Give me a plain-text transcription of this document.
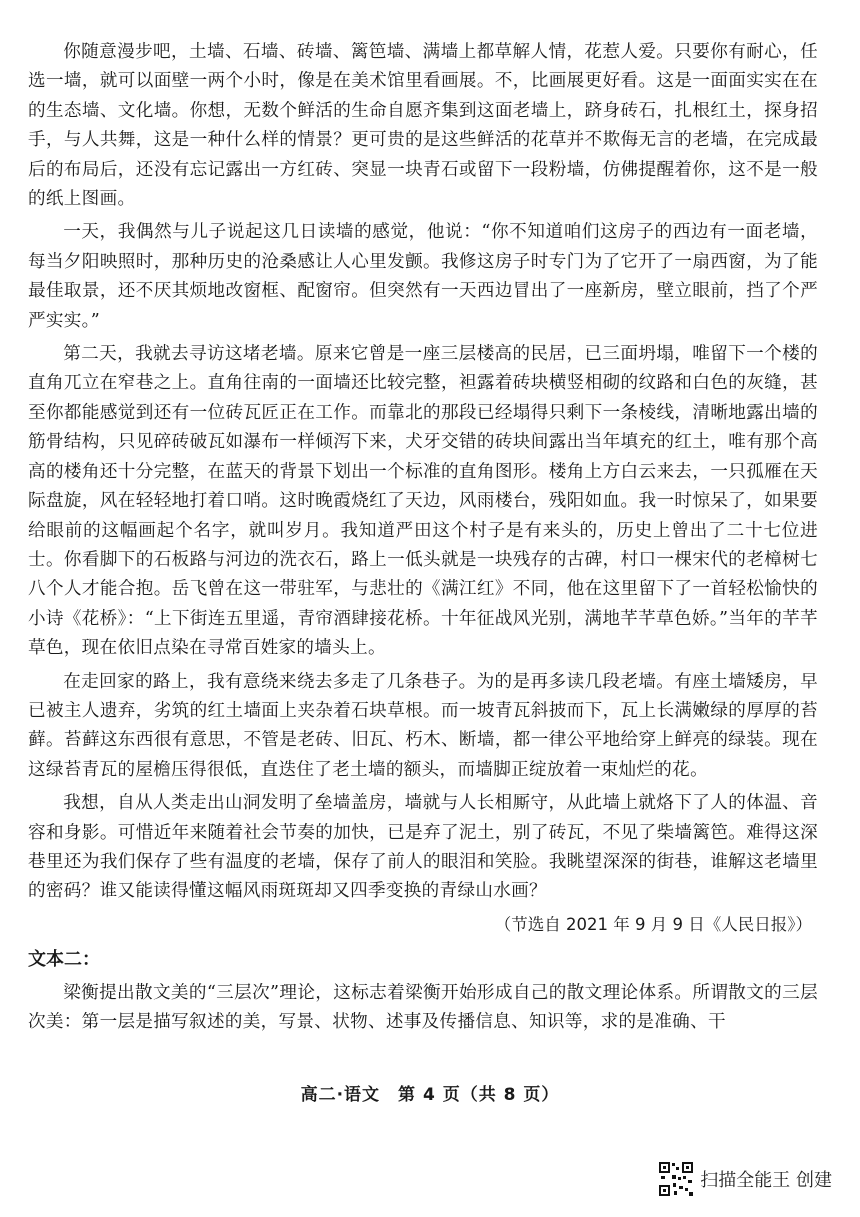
你随意漫步吧，土墙、石墙、砖墙、篱笆墙、满墙上都草解人情，花惹人爱。只要你有耐心，任选一墙，就可以面壁一两个小时，像是在美术馆里看画展。不，比画展更好看。这是一面面实实在在的生态墙、文化墙。你想，无数个鲜活的生命自愿齐集到这面老墙上，跻身砖石，扎根红土，探身招手，与人共舞，这是一种什么样的情景？更可贵的是这些鲜活的花草并不欺侮无言的老墙，在完成最后的布局后，还没有忘记露出一方红砖、突显一块青石或留下一段粉墙，仿佛提醒着你，这不是一般的纸上图画。

一天，我偶然与儿子说起这几日读墙的感觉，他说：“你不知道咱们这房子的西边有一面老墙，每当夕阳映照时，那种历史的沧桑感让人心里发颤。我修这房子时专门为了它开了一扇西窗，为了能最佳取景，还不厌其烦地改窗框、配窗帘。但突然有一天西边冒出了一座新房，壁立眼前，挡了个严严实实。”

第二天，我就去寻访这堵老墙。原来它曾是一座三层楼高的民居，已三面坍塌，唯留下一个楼的直角兀立在窄巷之上。直角往南的一面墙还比较完整，袒露着砖块横竖相砌的纹路和白色的灰缝，甚至你都能感觉到还有一位砖瓦匠正在工作。而靠北的那段已经塌得只剩下一条棱线，清晰地露出墙的筋骨结构，只见碎砖破瓦如瀑布一样倾泻下来，犬牙交错的砖块间露出当年填充的红土，唯有那个高高的楼角还十分完整，在蓝天的背景下划出一个标准的直角图形。楼角上方白云来去，一只孤雁在天际盘旋，风在轻轻地打着口哨。这时晚霞烧红了天边，风雨楼台，残阳如血。我一时惊呆了，如果要给眼前的这幅画起个名字，就叫岁月。我知道严田这个村子是有来头的，历史上曾出了二十七位进士。你看脚下的石板路与河边的洗衣石，路上一低头就是一块残存的古碑，村口一棵宋代的老樟树七八个人才能合抱。岳飞曾在这一带驻军，与悲壮的《满江红》不同，他在这里留下了一首轻松愉快的小诗《花桥》：“上下街连五里遥，青帘酒肆接花桥。十年征战风光别，满地芊芊草色娇。”当年的芊芊草色，现在依旧点染在寻常百姓家的墙头上。

在走回家的路上，我有意绕来绕去多走了几条巷子。为的是再多读几段老墙。有座土墙矮房，早已被主人遗弃，劣筑的红土墙面上夹杂着石块草根。而一坡青瓦斜披而下，瓦上长满嫩绿的厚厚的苔藓。苔藓这东西很有意思，不管是老砖、旧瓦、朽木、断墙，都一律公平地给穿上鲜亮的绿装。现在这绿苔青瓦的屋檐压得很低，直迭住了老土墙的额头，而墙脚正绽放着一束灿烂的花。

我想，自从人类走出山洞发明了垒墙盖房，墙就与人长相厮守，从此墙上就烙下了人的体温、音容和身影。可惜近年来随着社会节奏的加快，已是弃了泥土，别了砖瓦，不见了柴墙篱笆。难得这深巷里还为我们保存了些有温度的老墙，保存了前人的眼泪和笑脸。我眺望深深的街巷，谁解这老墙里的密码？谁又能读得懂这幅风雨斑斑却又四季变换的青绿山水画？

（节选自 2021 年 9 月 9 日《人民日报》）
文本二：

梁衡提出散文美的“三层次”理论，这标志着梁衡开始形成自己的散文理论体系。所谓散文的三层次美：第一层是描写叙述的美，写景、状物、述事及传播信息、知识等，求的是准确、干

高二·语文　第 4 页（共 8 页）
扫描全能王 创建
